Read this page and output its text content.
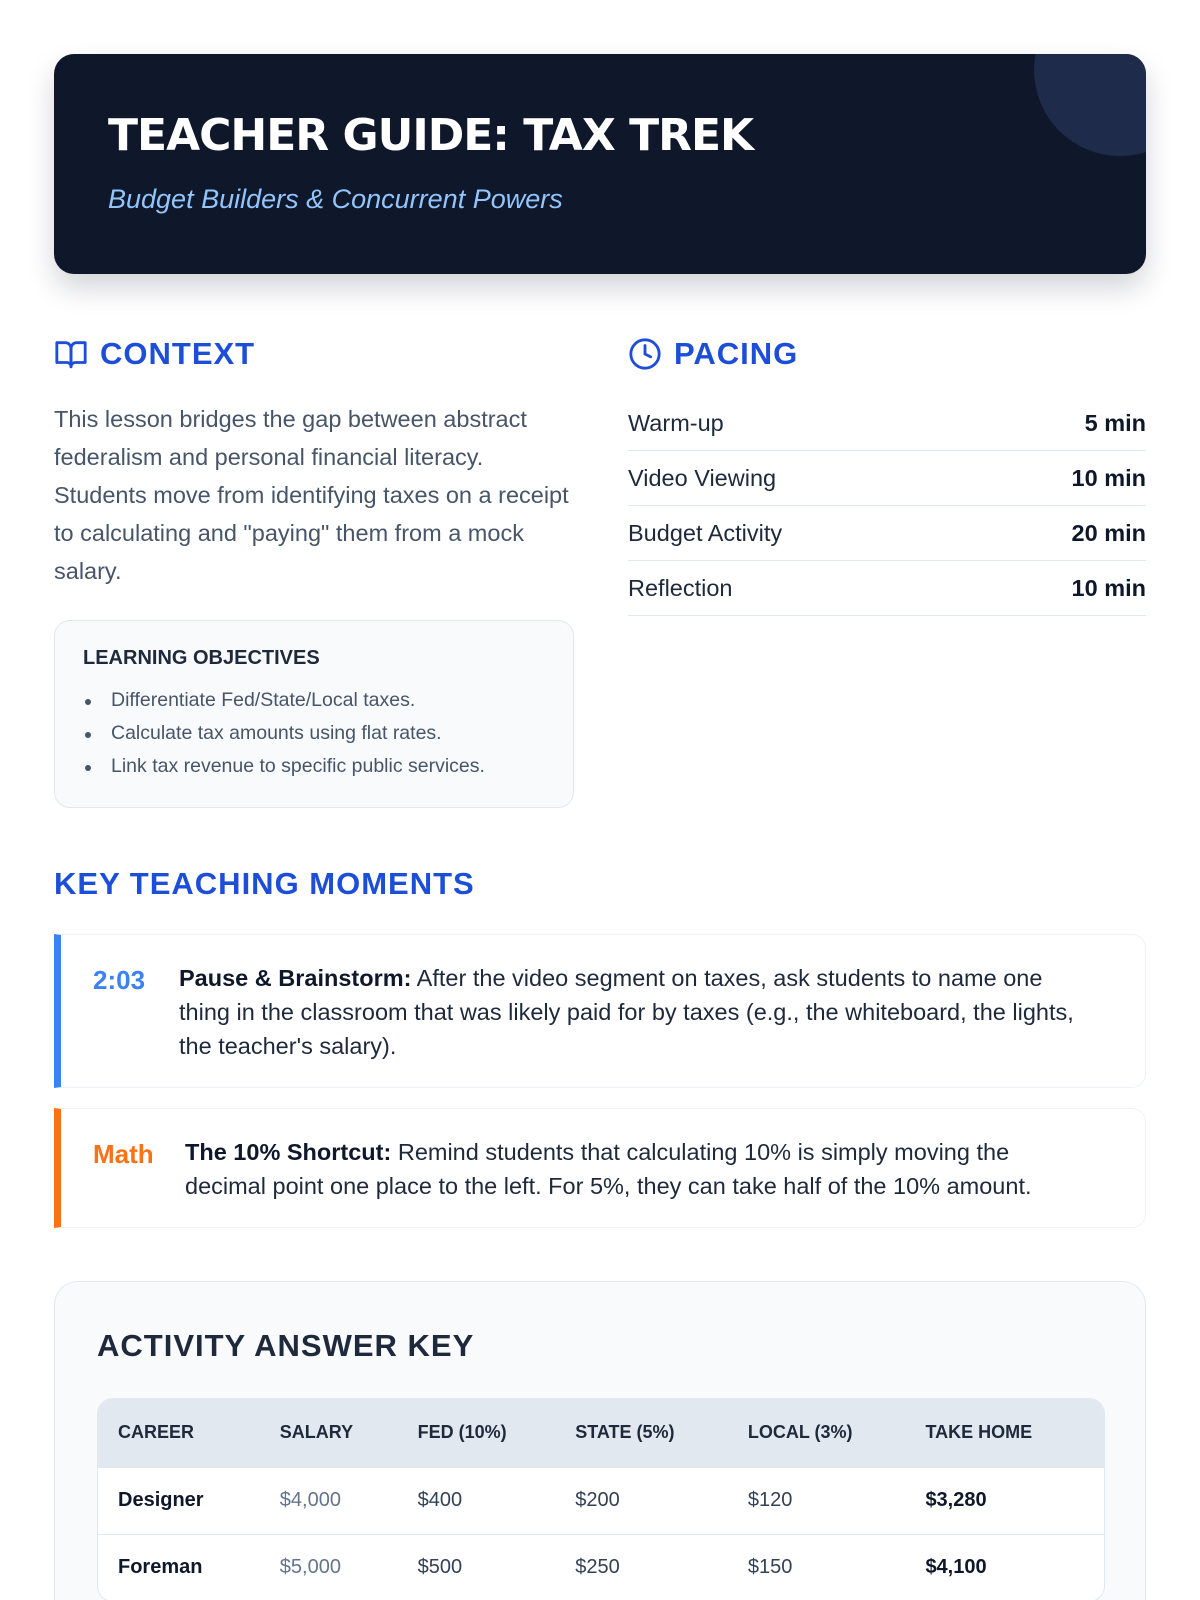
TEACHER GUIDE: TAX TREK
Budget Builders & Concurrent Powers
CONTEXT

This lesson bridges the gap between abstract federalism and personal financial literacy. Students move from identifying taxes on a receipt to calculating and "paying" them from a mock salary.

LEARNING OBJECTIVES
Differentiate Fed/State/Local taxes.
Calculate tax amounts using flat rates.
Link tax revenue to specific public services.
PACING
Warm-up	5 min
Video Viewing	10 min
Budget Activity	20 min
Reflection	10 min
KEY TEACHING MOMENTS
2:03	Pause & Brainstorm: After the video segment on taxes, ask students to name one thing in the classroom that was likely paid for by taxes (e.g., the whiteboard, the lights, the teacher's salary).
Math	The 10% Shortcut: Remind students that calculating 10% is simply moving the decimal point one place to the left. For 5%, they can take half of the 10% amount.
ACTIVITY ANSWER KEY
CAREER	SALARY	FED (10%)	STATE (5%)	LOCAL (3%)	TAKE HOME
Designer	$4,000	$400	$200	$120	$3,280
Foreman	$5,000	$500	$250	$150	$4,100
